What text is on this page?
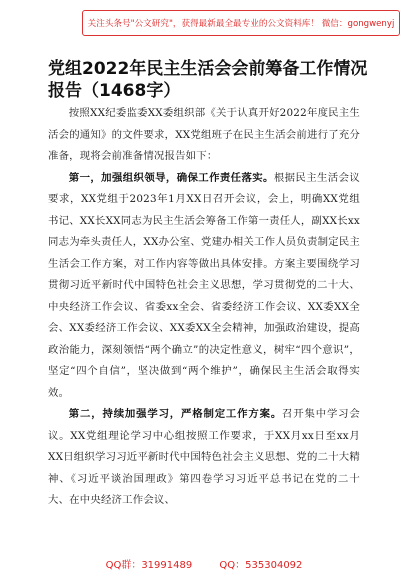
关注头条号"公文研究"，获得最新最全最专业的公文资料库！ 微信：gongwenyj
党组2022年民主生活会会前筹备工作情况报告（1468字）

按照XX纪委监委XX委组织部《关于认真开好2022年度民主生活会的通知》的文件要求，XX党组班子在民主生活会前进行了充分准备，现将会前准备情况报告如下：

第一，加强组织领导，确保工作责任落实。根据民主生活会议要求，XX党组于2023年1月XX日召开会议，会上，明确XX党组书记、XX长XX同志为民主生活会筹备工作第一责任人，副XX长xx同志为牵头责任人，XX办公室、党建办相关工作人员负责制定民主生活会工作方案，对工作内容等做出具体安排。方案主要围绕学习贯彻习近平新时代中国特色社会主义思想，学习贯彻党的二十大、中央经济工作会议、省委xx全会、省委经济工作会议、XX委XX全会、XX委经济工作会议、XX委XX全会精神，加强政治建设，提高政治能力，深刻领悟“两个确立”的决定性意义，树牢“四个意识”，坚定“四个自信”，坚决做到“两个维护”，确保民主生活会取得实效。

第二，持续加强学习，严格制定工作方案。召开集中学习会议。XX党组理论学习中心组按照工作要求，于XX月xx日至xx月XX日组织学习习近平新时代中国特色社会主义思想、党的二十大精神、《习近平谈治国理政》第四卷学习习近平总书记在党的二十大、在中央经济工作会议、

QQ群：31991489	QQ：535304092
